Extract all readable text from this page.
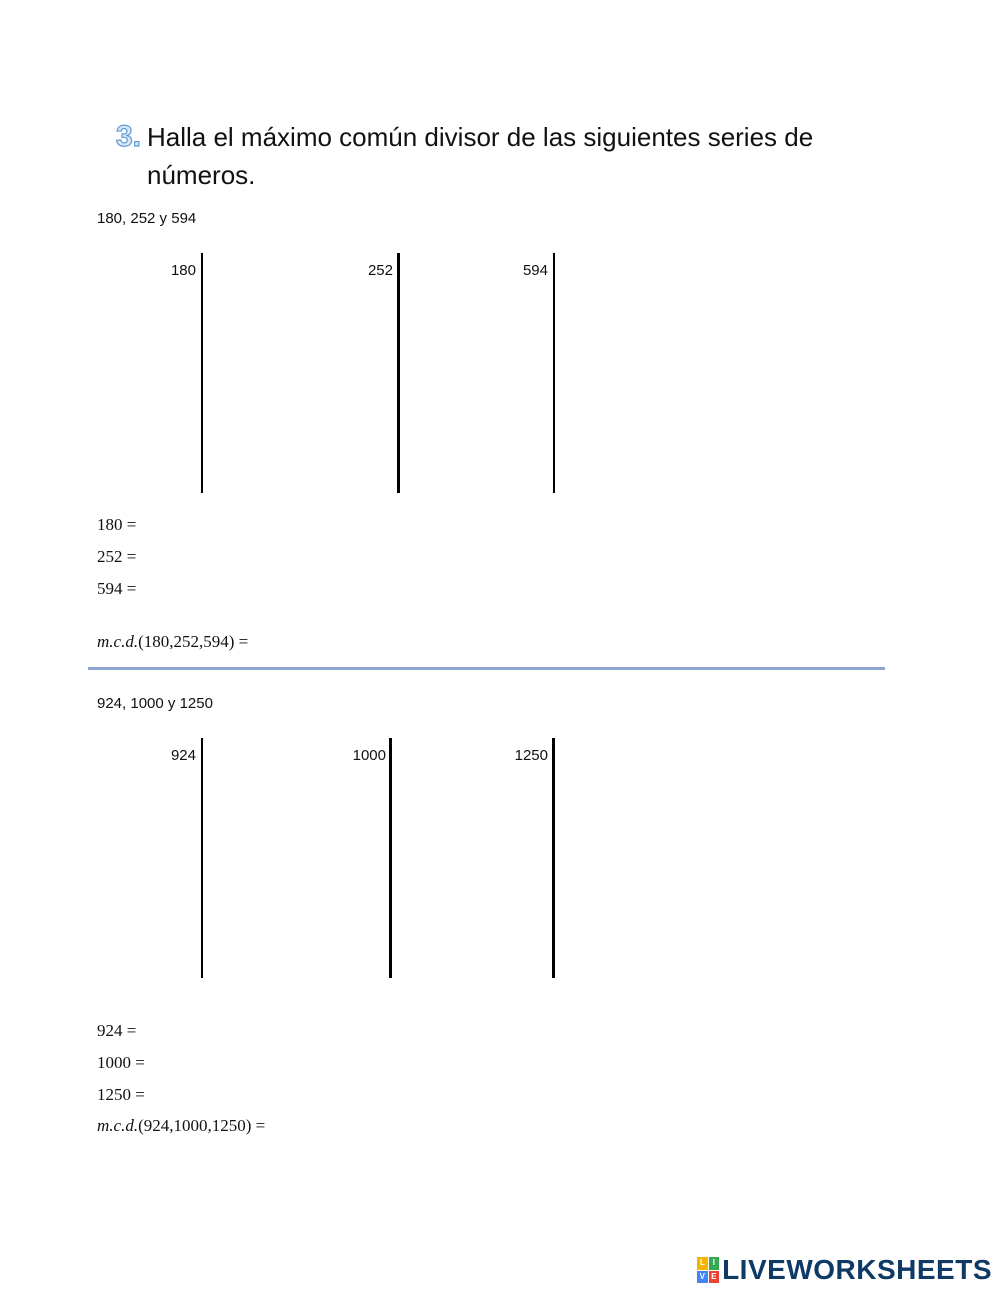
3. Halla el máximo común divisor de las siguientes series de números.
180, 252 y 594
180	252	594
180 =
252 =
594 =
m.c.d.(180,252,594) =
924, 1000 y 1250
924	1000	1250
924 =
1000 =
1250 =
m.c.d.(924,1000,1250) =
L I
V E LIVEWORKSHEETS
